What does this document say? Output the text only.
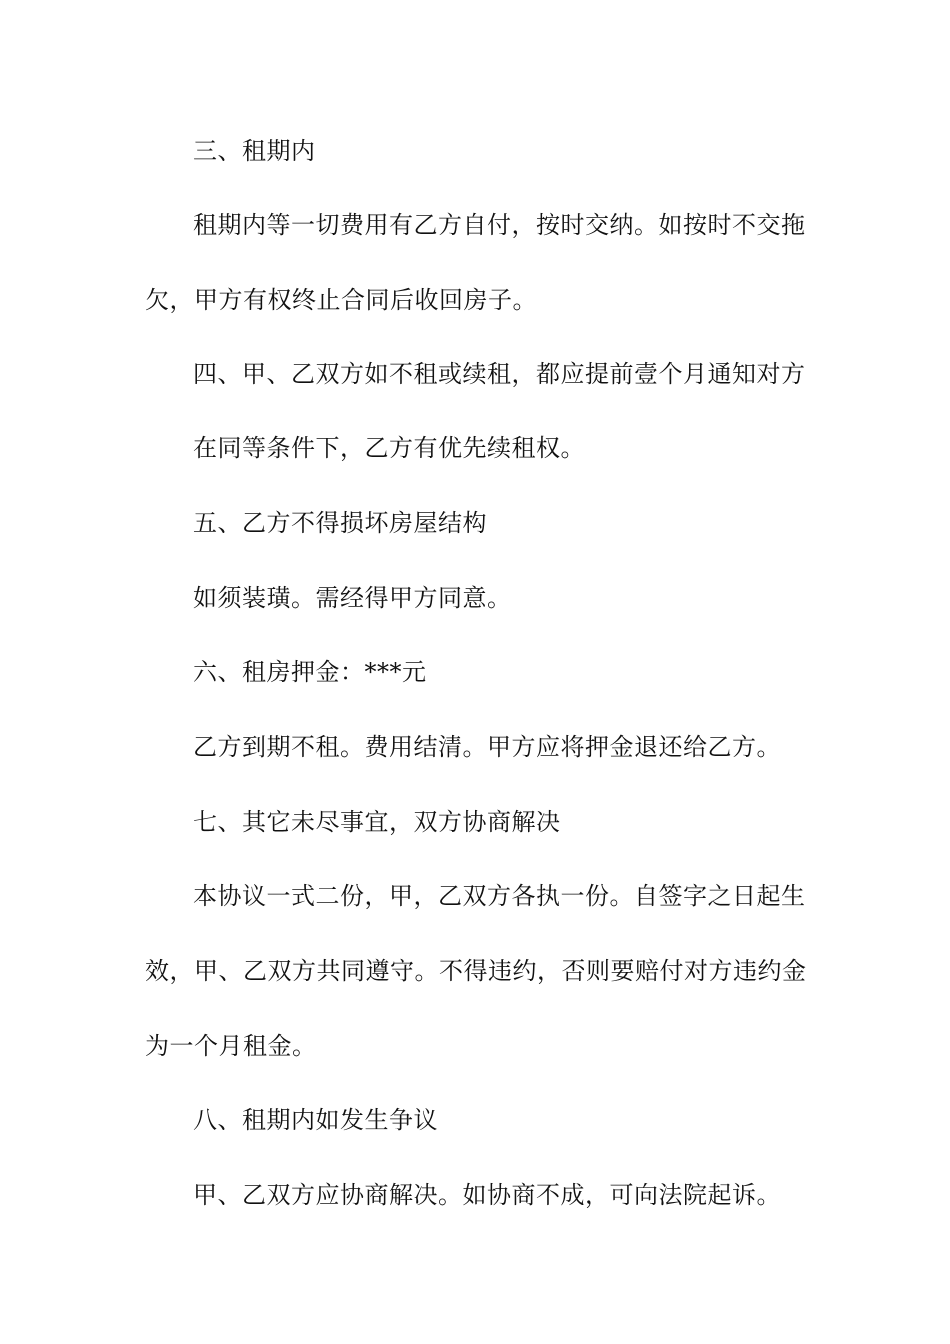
三、租期内
租期内等一切费用有乙方自付，按时交纳。如按时不交拖
欠，甲方有权终止合同后收回房子。
四、甲、乙双方如不租或续租，都应提前壹个月通知对方
在同等条件下，乙方有优先续租权。
五、乙方不得损坏房屋结构
如须装璜。需经得甲方同意。
六、租房押金：***元
乙方到期不租。费用结清。甲方应将押金退还给乙方。
七、其它未尽事宜，双方协商解决
本协议一式二份，甲，乙双方各执一份。自签字之日起生
效，甲、乙双方共同遵守。不得违约，否则要赔付对方违约金
为一个月租金。
八、租期内如发生争议
甲、乙双方应协商解决。如协商不成，可向法院起诉。
